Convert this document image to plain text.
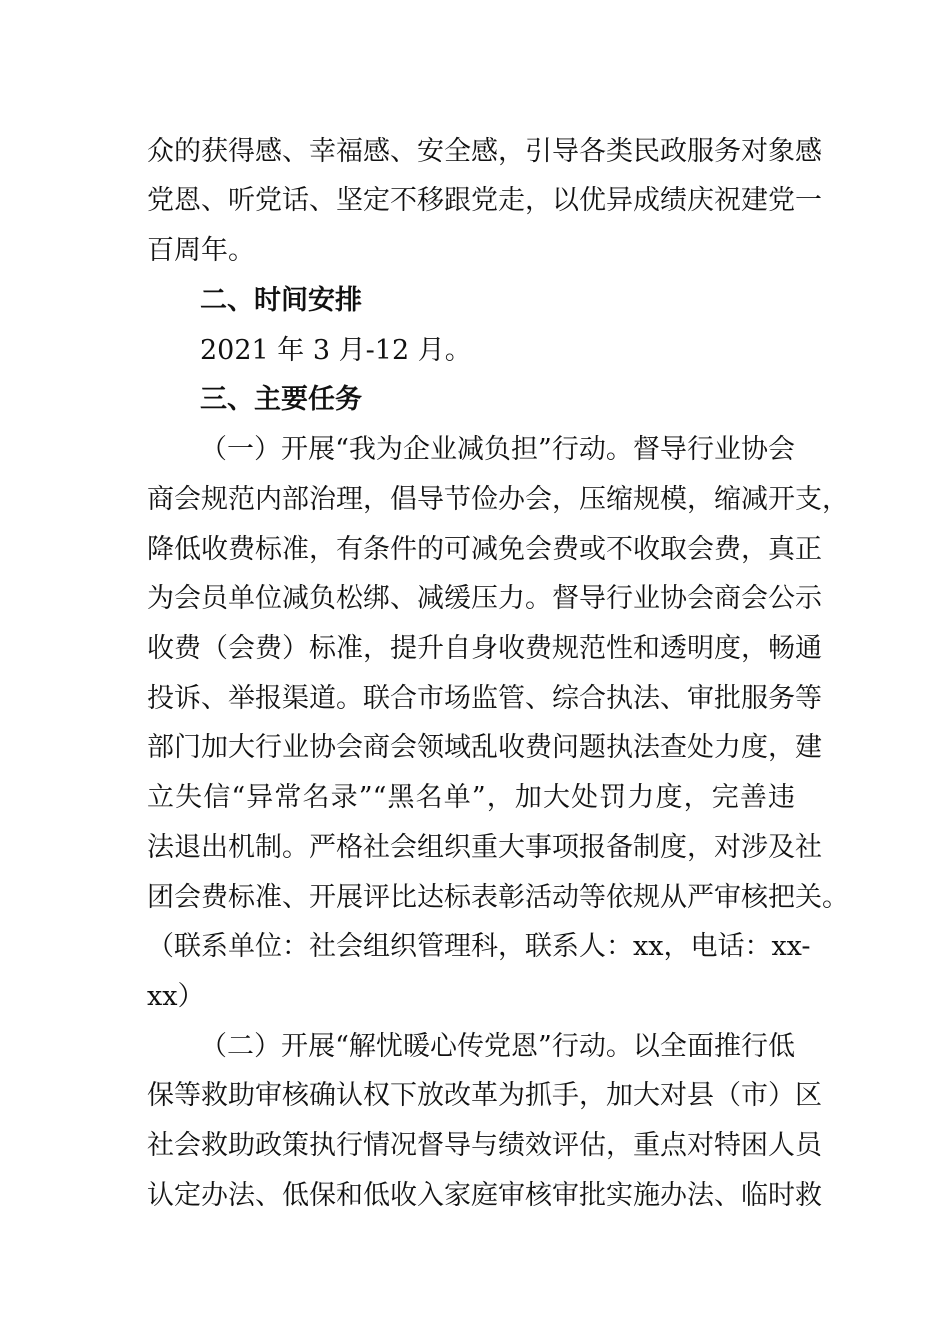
众的获得感、幸福感、安全感，引导各类民政服务对象感
党恩、听党话、坚定不移跟党走，以优异成绩庆祝建党一
百周年。
二、时间安排
2021 年 3 月-12 月。
三、主要任务
（一）开展“我为企业减负担”行动。督导行业协会
商会规范内部治理，倡导节俭办会，压缩规模，缩减开支，
降低收费标准，有条件的可减免会费或不收取会费，真正
为会员单位减负松绑、减缓压力。督导行业协会商会公示
收费（会费）标准，提升自身收费规范性和透明度，畅通
投诉、举报渠道。联合市场监管、综合执法、审批服务等
部门加大行业协会商会领域乱收费问题执法查处力度，建
立失信“异常名录”“黑名单”，加大处罚力度，完善违
法退出机制。严格社会组织重大事项报备制度，对涉及社
团会费标准、开展评比达标表彰活动等依规从严审核把关。
（联系单位：社会组织管理科，联系人：xx，电话：xx-
xx）
（二）开展“解忧暖心传党恩”行动。以全面推行低
保等救助审核确认权下放改革为抓手，加大对县（市）区
社会救助政策执行情况督导与绩效评估，重点对特困人员
认定办法、低保和低收入家庭审核审批实施办法、临时救
